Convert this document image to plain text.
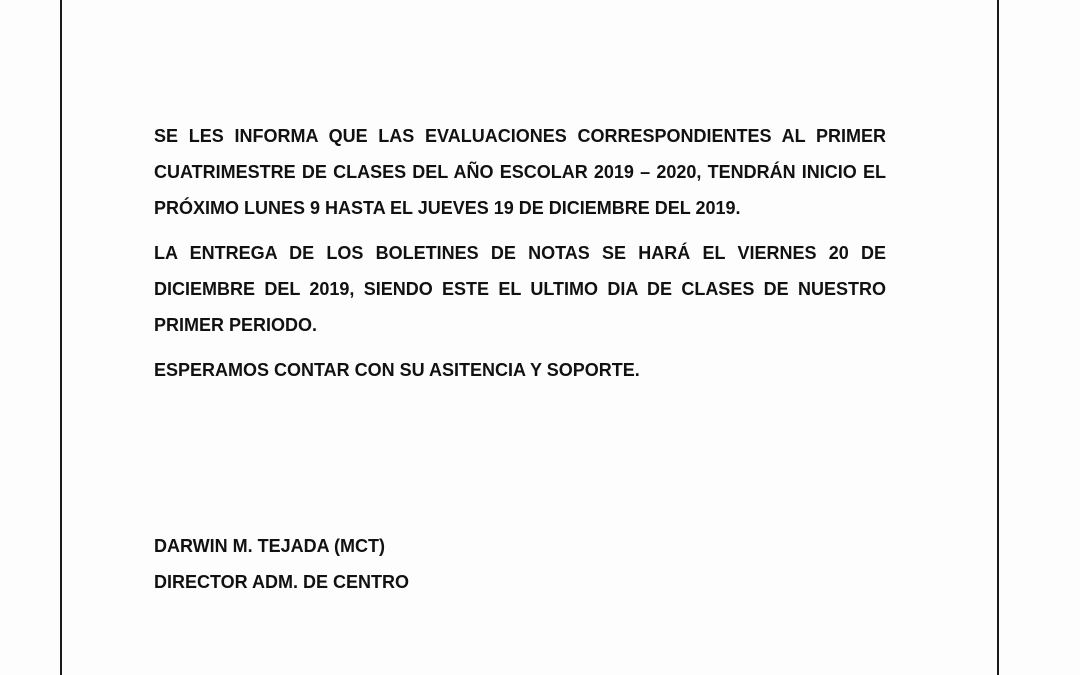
SE LES INFORMA QUE LAS EVALUACIONES CORRESPONDIENTES AL PRIMER CUATRIMESTRE DE CLASES DEL AÑO ESCOLAR 2019 – 2020, TENDRÁN INICIO EL PRÓXIMO LUNES 9 HASTA EL JUEVES 19 DE DICIEMBRE DEL 2019.

LA ENTREGA DE LOS BOLETINES DE NOTAS SE HARÁ EL VIERNES 20 DE DICIEMBRE DEL 2019, SIENDO ESTE EL ULTIMO DIA DE CLASES DE NUESTRO PRIMER PERIODO.

ESPERAMOS CONTAR CON SU ASITENCIA Y SOPORTE.

DARWIN M. TEJADA (MCT)
DIRECTOR ADM. DE CENTRO
